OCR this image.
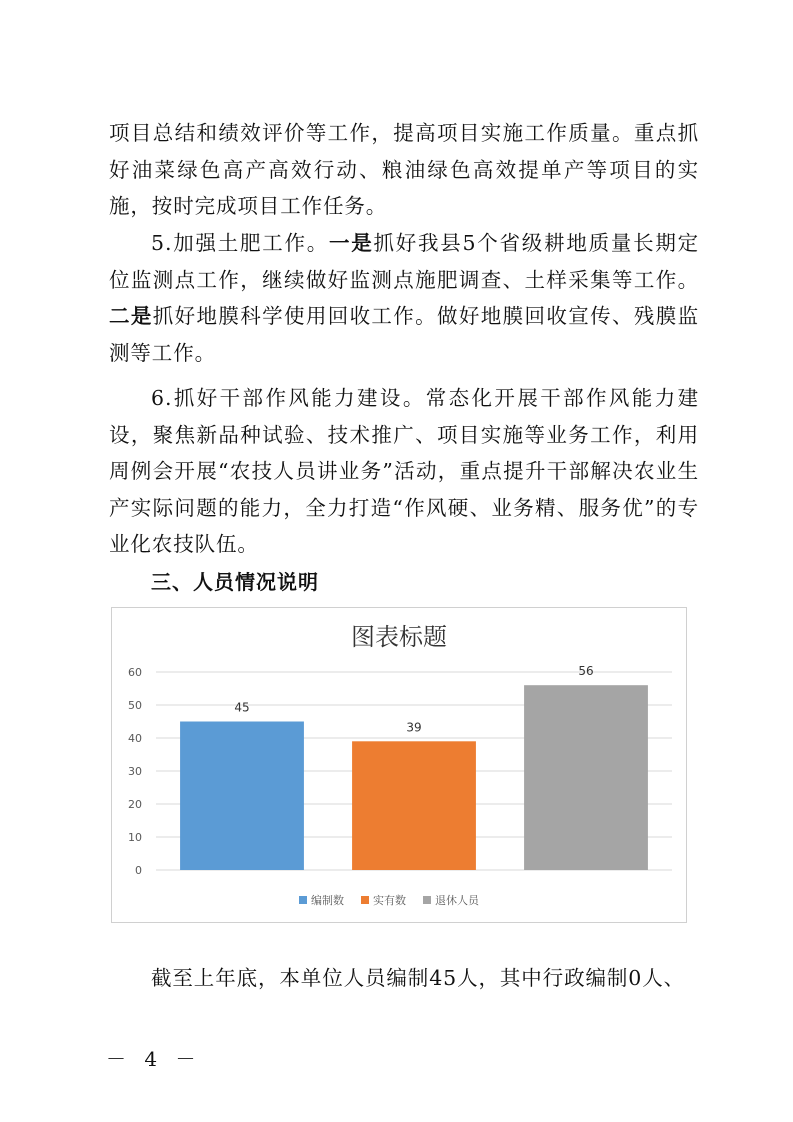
项目总结和绩效评价等工作，提高项目实施工作质量。重点抓好油菜绿色高产高效行动、粮油绿色高效提单产等项目的实施，按时完成项目工作任务。

5.加强土肥工作。一是抓好我县5个省级耕地质量长期定位监测点工作，继续做好监测点施肥调查、土样采集等工作。二是抓好地膜科学使用回收工作。做好地膜回收宣传、残膜监测等工作。

6.抓好干部作风能力建设。常态化开展干部作风能力建设，聚焦新品种试验、技术推广、项目实施等业务工作，利用周例会开展“农技人员讲业务”活动，重点提升干部解决农业生产实际问题的能力，全力打造“作风硬、业务精、服务优”的专业化农技队伍。

三、人员情况说明
图表标题
0
10
20
30
40
50
60
45
39
56
编制数	实有数	退休人员

截至上年底，本单位人员编制45人，其中行政编制0人、

－ 4 －
